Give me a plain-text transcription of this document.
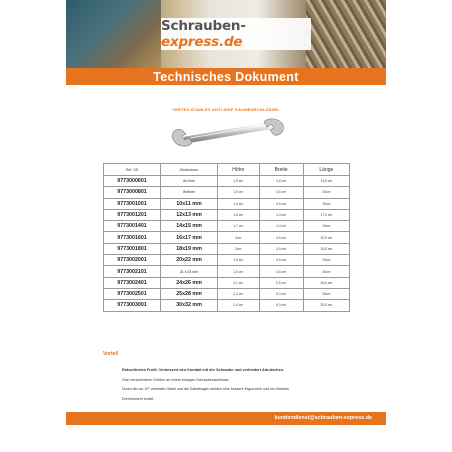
Schrauben-express.de
Technisches Dokument
VERTEX-STANLEY ANTI-SHIP GAUMENSCHLÜSSEL
Ref. SS	Gleichdoren	Höhe	Breite	Länge
9773000601	6x7mm	1,5 cm	4,5 cm	14,5 cm
9773000801	8x9mm	1,5 cm	4,5 cm	20cm
9773001001	10x11 mm	1,6 cm	4,5 cm	15cm
9773001201	12x13 mm	1,6 cm	4,4 cm	17,5 cm
9773001401	14x15 mm	1,7 cm	4,4 cm	19cm
9773001601	16x17 mm	2cm	4,5 cm	20,5 cm
9773001801	18x19 mm	2cm	4,5 cm	15,5 cm
9773002001	20x22 mm	1,5 cm	4,5 cm	24cm
9773002101	21 x 23 mm	1,5 cm	4,5 cm	30cm
9773002401	24x26 mm	2,1 cm	5,5 cm	26,6 cm
9773002501	25x28 mm	2,4 cm	6,3 cm	28cm
9773003001	30x32 mm	2,4 cm	6,3 cm	29,9 cm
Vorteil

Rutschfestes Profil: Verbessert den Kontakt mit der Schraube und verhindert Abrutschen.

Zwei verschiedene Größen an einem einzigen Schraubenschlüssel.

Durch die um 15° versetzte Gabel und die Gabelbogen werden eine bessere Ergonomie und ein höheres

Drehmoment erzielt.

kundendienst@schrauben-express.de
